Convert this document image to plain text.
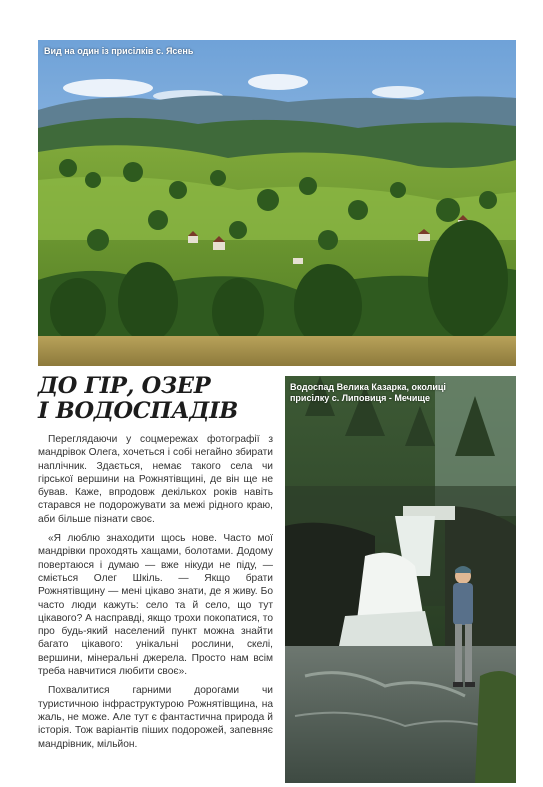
Вид на один із присілків с. Ясень
ДО ГІР, ОЗЕР
І ВОДОСПАДІВ

Переглядаючи у соцмережах фотографії з мандрівок Олега, хочеться і собі негайно збирати наплічник. Здається, немає такого села чи гірської вершини на Рожнятівщині, де він ще не бував. Каже, впродовж декількох років навіть старався не подорожувати за межі рідного краю, аби більше пізнати своє.

«Я люблю знаходити щось нове. Часто мої мандрівки проходять хащами, болотами. Додому повертаюся і думаю — вже нікуди не піду, — сміється Олег Шкіль. — Якщо брати Рожнятівщину — мені цікаво знати, де я живу. Бо часто люди кажуть: село та й село, що тут цікавого? А насправді, якщо трохи покопатися, то про будь-який населений пункт можна знайти багато цікавого: унікальні рослини, скелі, вершини, мінеральні джерела. Просто нам всім треба навчитися любити своє».

Похвалитися гарними дорогами чи туристичною інфраструктурою Рожнятівщина, на жаль, не може. Але тут є фантастична природа й історія. Тож варіантів піших подорожей, запевняє мандрівник, мільйон.

Водоспад Велика Казарка, околиці присілку с. Липовиця - Мечище
